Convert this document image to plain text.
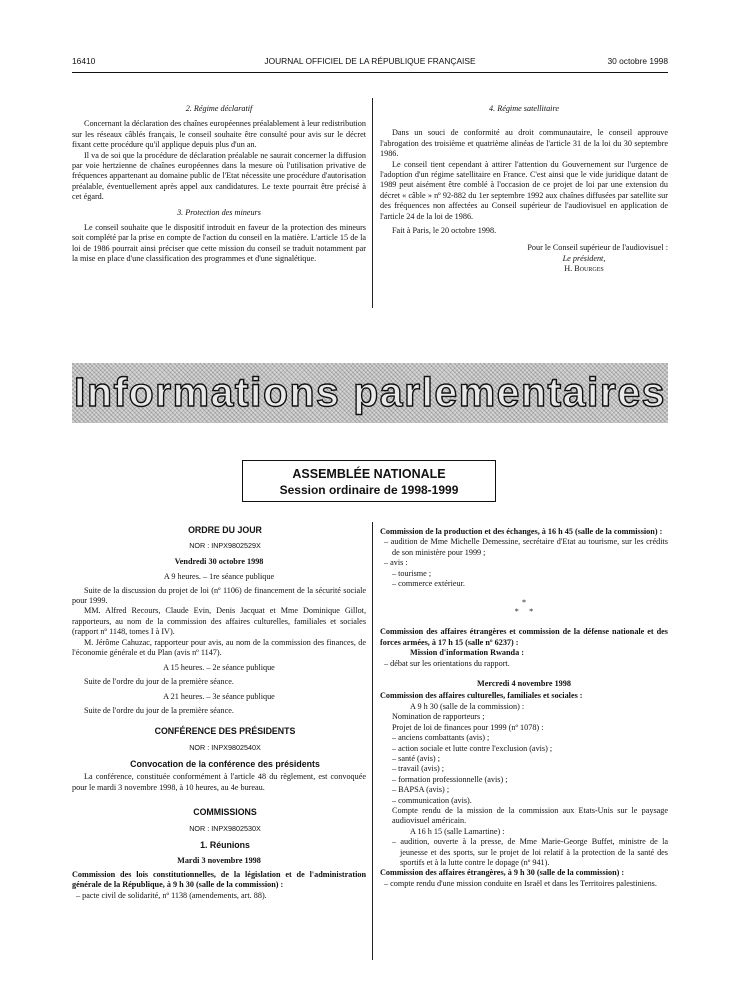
16410	JOURNAL OFFICIEL DE LA RÉPUBLIQUE FRANÇAISE	30 octobre 1998

2. Régime déclaratif

Concernant la déclaration des chaînes européennes préalablement à leur redistribution sur les réseaux câblés français, le conseil souhaite être consulté pour avis sur le décret fixant cette procédure qu'il applique depuis plus d'un an.

Il va de soi que la procédure de déclaration préalable ne saurait concerner la diffusion par voie hertzienne de chaînes européennes dans la mesure où l'utilisation privative de fréquences appartenant au domaine public de l'Etat nécessite une procédure d'autorisation préalable, éventuellement après appel aux candidatures. Le texte pourrait être précisé à cet égard.

3. Protection des mineurs

Le conseil souhaite que le dispositif introduit en faveur de la protection des mineurs soit complété par la prise en compte de l'action du conseil en la matière. L'article 15 de la loi de 1986 pourrait ainsi préciser que cette mission du conseil se traduit notamment par la mise en place d'une classification des programmes et d'une signalétique.

4. Régime satellitaire

Dans un souci de conformité au droit communautaire, le conseil approuve l'abrogation des troisième et quatrième alinéas de l'article 31 de la loi du 30 septembre 1986.

Le conseil tient cependant à attirer l'attention du Gouvernement sur l'urgence de l'adoption d'un régime satellitaire en France. C'est ainsi que le vide juridique datant de 1989 peut aisément être comblé à l'occasion de ce projet de loi par une extension du décret « câble » nº 92-882 du 1er septembre 1992 aux chaînes diffusées par satellite sur des fréquences non affectées au Conseil supérieur de l'audiovisuel en application de l'article 24 de la loi de 1986.

Fait à Paris, le 20 octobre 1998.

Pour le Conseil supérieur de l'audiovisuel :

Le président,

H. Bourges

Informations parlementaires
ASSEMBLÉE NATIONALE
Session ordinaire de 1998-1999

ORDRE DU JOUR

NOR : INPX9802529X

Vendredi 30 octobre 1998

A 9 heures. – 1re séance publique

Suite de la discussion du projet de loi (nº 1106) de financement de la sécurité sociale pour 1999.

MM. Alfred Recours, Claude Evin, Denis Jacquat et Mme Dominique Gillot, rapporteurs, au nom de la commission des affaires culturelles, familiales et sociales (rapport nº 1148, tomes I à IV).

M. Jérôme Cahuzac, rapporteur pour avis, au nom de la commission des finances, de l'économie générale et du Plan (avis nº 1147).

A 15 heures. – 2e séance publique

Suite de l'ordre du jour de la première séance.

A 21 heures. – 3e séance publique

Suite de l'ordre du jour de la première séance.

CONFÉRENCE DES PRÉSIDENTS

NOR : INPX9802540X

Convocation de la conférence des présidents

La conférence, constituée conformément à l'article 48 du règlement, est convoquée pour le mardi 3 novembre 1998, à 10 heures, au 4e bureau.

COMMISSIONS

NOR : INPX9802530X

1. Réunions

Mardi 3 novembre 1998

Commission des lois constitutionnelles, de la législation et de l'administration générale de la République, à 9 h 30 (salle de la commission) :

– pacte civil de solidarité, nº 1138 (amendements, art. 88).

Commission de la production et des échanges, à 16 h 45 (salle de la commission) :

– audition de Mme Michelle Demessine, secrétaire d'Etat au tourisme, sur les crédits de son ministère pour 1999 ;

– avis :

– tourisme ;

– commerce extérieur.

*

*     *

Commission des affaires étrangères et commission de la défense nationale et des forces armées, à 17 h 15 (salle nº 6237) :

Mission d'information Rwanda :

– débat sur les orientations du rapport.

Mercredi 4 novembre 1998

Commission des affaires culturelles, familiales et sociales :

A 9 h 30 (salle de la commission) :

Nomination de rapporteurs ;

Projet de loi de finances pour 1999 (nº 1078) :

– anciens combattants (avis) ;

– action sociale et lutte contre l'exclusion (avis) ;

– santé (avis) ;

– travail (avis) ;

– formation professionnelle (avis) ;

– BAPSA (avis) ;

– communication (avis).

Compte rendu de la mission de la commission aux Etats-Unis sur le paysage audiovisuel américain.

A 16 h 15 (salle Lamartine) :

– audition, ouverte à la presse, de Mme Marie-George Buffet, ministre de la jeunesse et des sports, sur le projet de loi relatif à la protection de la santé des sportifs et à la lutte contre le dopage (nº 941).

Commission des affaires étrangères, à 9 h 30 (salle de la commission) :

– compte rendu d'une mission conduite en Israël et dans les Territoires palestiniens.
